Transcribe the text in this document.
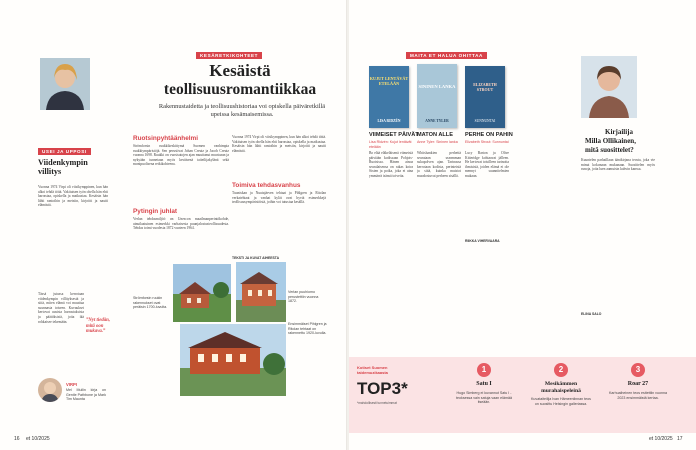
USEI JA UPPOSI
Viidenkympin
villitys
Vuonna 1974 Virpi oli viisikymppinen, kun hän alkoi tehdä töitä. Vakituisen työn ohella hän ehti harrastaa, opiskella ja matkustaa. Kesäisin hän lähti rantoihin ja metsiin, kirjoitti ja nautti elämästä.
Tässä jutussa kerrotaan viidenkympin villityksestä ja siitä, miten elämä voi muuttua suunnasta toiseen. Kuvaukset kertovat uusista harrastuksista ja päätöksistä, joita ikä rohkaisee tekemään.	”Nyt tiedän, mitä oon mukava.”
VIRPI
Mel Mullin kirja on Gentle Pathbone ja Mark Tim Maunta
KESÄRETKIKOHTEET
Kesäistä
teollisuusromantiikkaa
Rakennustaidetta ja teollisuushistoriaa voi opiskella päiväretkillä upeissa kesämaisemissa.
Ruotsinpyhtäänhelmi
Strömforsin ruukkikeskittymä Suomen vanhimpia ruukkiympäristöjä. Sen perustivat Johan Creutz ja Jacob Creutz vuonna 1698. Ruukki on vuosisatojen ajan muuttanut muotoaan ja nykyään tunnetaan myös kesäisenä taiteilijakylänä sekä monipuolisena retkikohteena.
Pytingin juhlat
Verlan tehdasmiljöö on Unescon maailmanperintökohde, ainutlaatuinen esimerkki varhaisesta puunjalostusteollisuudesta. Tehdas toimi vuodesta 1872 vuoteen 1964.
Vuonna 1974 Virpi oli viisikymppinen, kun hän alkoi tehdä töitä. Vakituisen työn ohella hän ehti harrastaa, opiskella ja matkustaa. Kesäisin hän lähti rantoihin ja metsiin, kirjoitti ja nautti elämästä.
Toimiva tehdasvanhus
Tuuniskan ja Nuutajärven tehtaat ja Pihlgren ja Ritolan verkatehtaat ja vanhat kylät ovat hyviä esimerkkejä teollisuusympäristöistä, joihin voi tutustua kesällä.
TEKSTI JA KUVAT AIHEESTA
Strömforsin ruukin rakennukset ovat peräisin 1700-luvulta.
Verlan puuhiomo perustettiin vuonna 1872.
Ensimmäiset Pihlgren ja Ritolan tehtaat on rakennettu 1920-luvulla.
16 et 10/2025
MAITA ET HALUA OHITTAA
KUJUT LENTÄVÄT ETELÄÄN
LISA RIDZÉN
SININEN LANKA
ANNE TYLER
ELIZABETH STROUT
SUNNUNTAI
VIIMEISET PÄIVÄT
Lisa Ridzén: Kujut lentävät etelään
Bo elää eläkeläisenä viimeisiä päiviään kodissaan Pohjois-Ruotsissa. Hänen ainoa seuralaisensa on rakas koira Sixten ja poika, joka ei aina ymmärrä isänsä toiveita.
MATON ALLE
Anne Tyler: Sininen lanka
Whitshankien perhettä seurataan useamman sukupolven ajan. Tarinassa kerrotaan kodista, perinteistä ja siitä, kuinka muistot muodostuvat perheen sisällä.
PERHE ON PAHIN
Elizabeth Strout: Sunnuntai
Lucy Barton ja Olive Kitteridge kohtaavat jälleen. He kertovat toisilleen tarinoita ihmisistä, joiden elämä ei ole mennyt suunnitelmien mukaan.
RIIKKA VIHERVAARA
Kirjailija
Milla Ollikainen,
mitä suosittelet?
Kuuntelen parhaillaan äänikirjana teosta, joka vie minut kokonaan mukanaan. Suosittelen myös runoja, joita luen aamuisin kahvin kanssa.
ELINA SALO
17
et 10/2025
Kotiset Suomen taidemuzikaasta
TOP3*
*mahdollisesti tunnetuimmat
1
Satu I
Hugo Simberg ei kuvannut Satu I -teoksessa vain satuja vaan elämää itseään.
2
Mesikämmen murahaispeleinä
Kuvataiteilija Ivan Hämeenlinnan teos on suosittu Helsingin galleriassa.
3
Roar 27
Karhuaiheinen teos esitettiin vuonna 2023 ensimmäistä kertaa.
